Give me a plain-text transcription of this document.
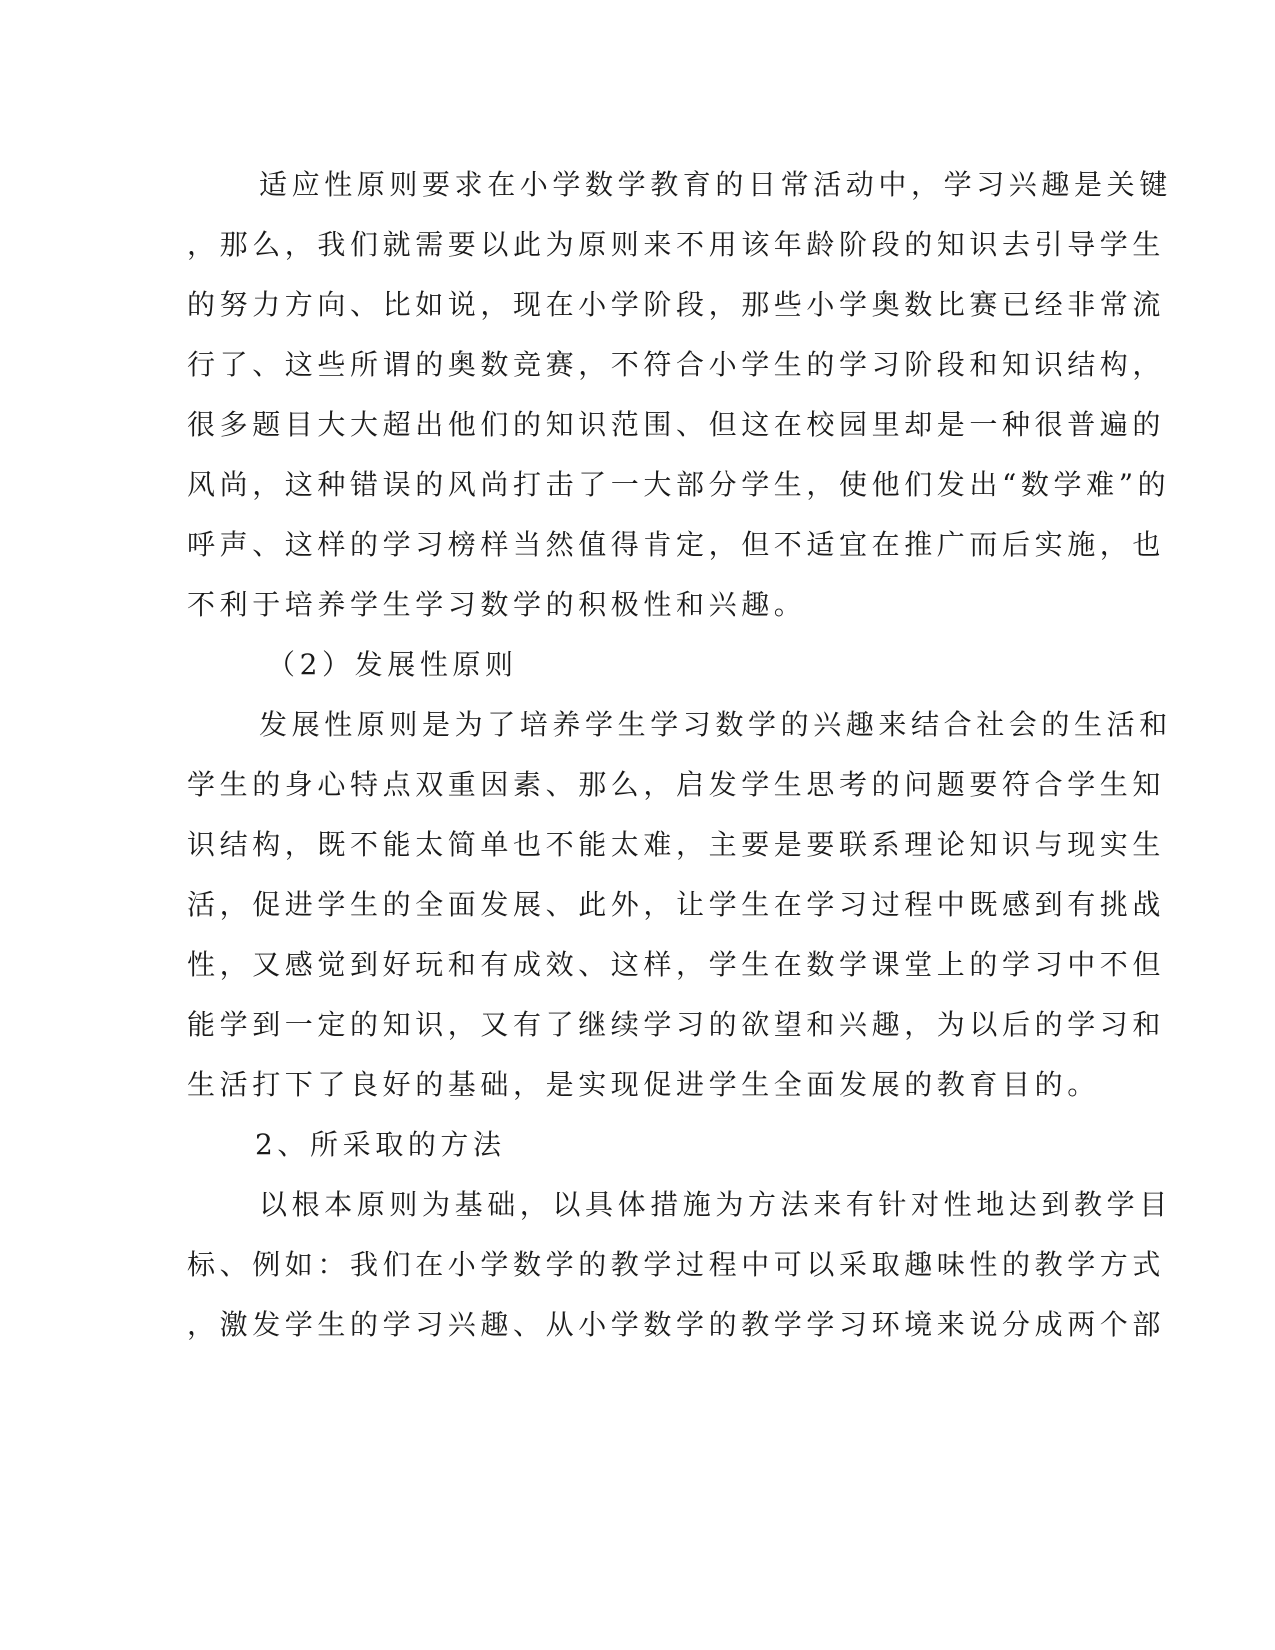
适应性原则要求在小学数学教育的日常活动中，学习兴趣是关键
，那么，我们就需要以此为原则来不用该年龄阶段的知识去引导学生
的努力方向、比如说，现在小学阶段，那些小学奥数比赛已经非常流
行了、这些所谓的奥数竞赛，不符合小学生的学习阶段和知识结构，
很多题目大大超出他们的知识范围、但这在校园里却是一种很普遍的
风尚，这种错误的风尚打击了一大部分学生，使他们发出“数学难”的
呼声、这样的学习榜样当然值得肯定，但不适宜在推广而后实施，也
不利于培养学生学习数学的积极性和兴趣。
（2）发展性原则
发展性原则是为了培养学生学习数学的兴趣来结合社会的生活和
学生的身心特点双重因素、那么，启发学生思考的问题要符合学生知
识结构，既不能太简单也不能太难，主要是要联系理论知识与现实生
活，促进学生的全面发展、此外，让学生在学习过程中既感到有挑战
性，又感觉到好玩和有成效、这样，学生在数学课堂上的学习中不但
能学到一定的知识，又有了继续学习的欲望和兴趣，为以后的学习和
生活打下了良好的基础，是实现促进学生全面发展的教育目的。
2、所采取的方法
以根本原则为基础，以具体措施为方法来有针对性地达到教学目
标、例如：我们在小学数学的教学过程中可以采取趣味性的教学方式
，激发学生的学习兴趣、从小学数学的教学学习环境来说分成两个部
